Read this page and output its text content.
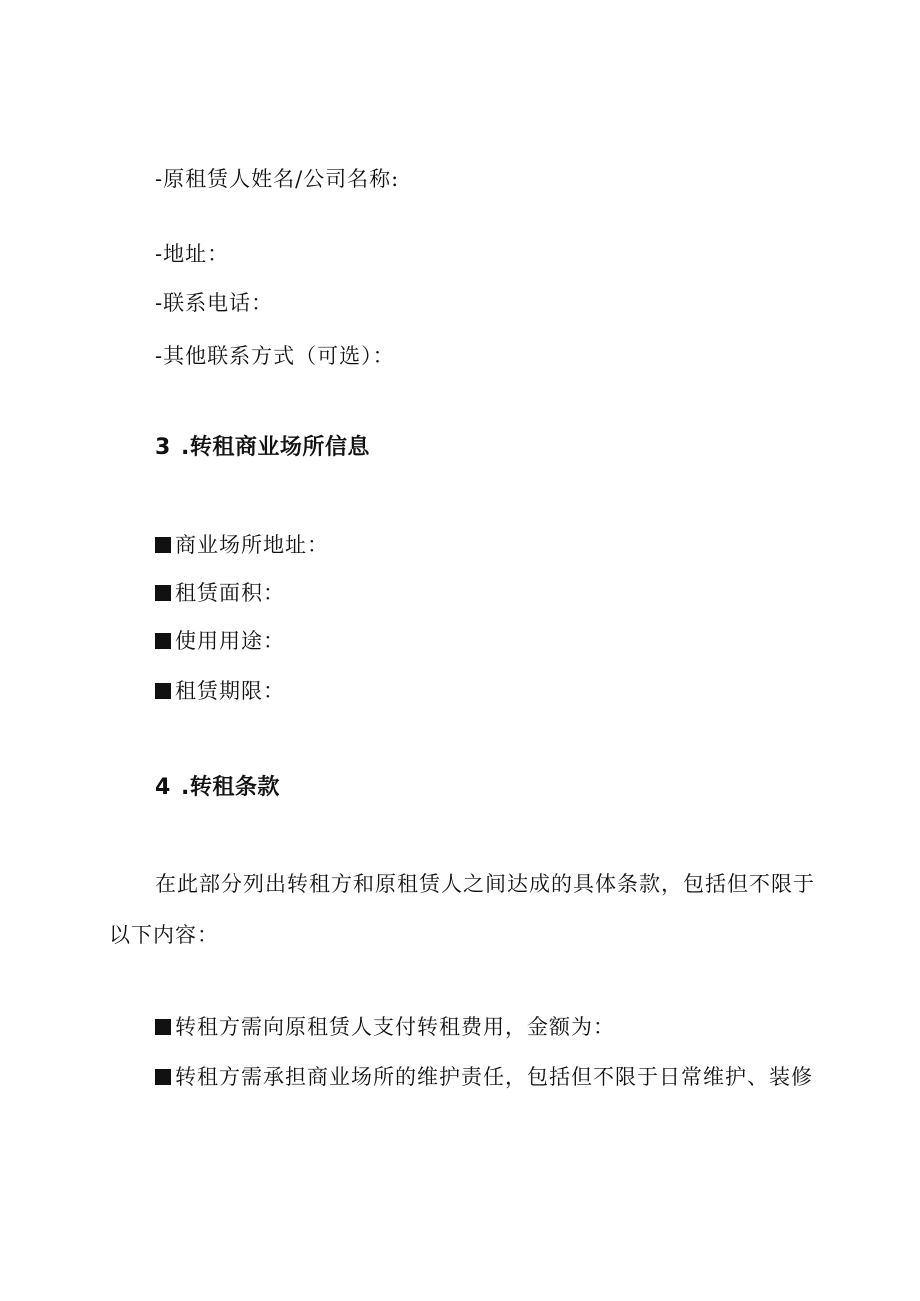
-原租赁人姓名/公司名称:
-地址：
-联系电话：
-其他联系方式（可选）：
3 .转租商业场所信息
商业场所地址：
租赁面积：
使用用途：
租赁期限：
4 .转租条款
在此部分列出转租方和原租赁人之间达成的具体条款，包括但不限于
以下内容：
转租方需向原租赁人支付转租费用，金额为：
转租方需承担商业场所的维护责任，包括但不限于日常维护、装修
